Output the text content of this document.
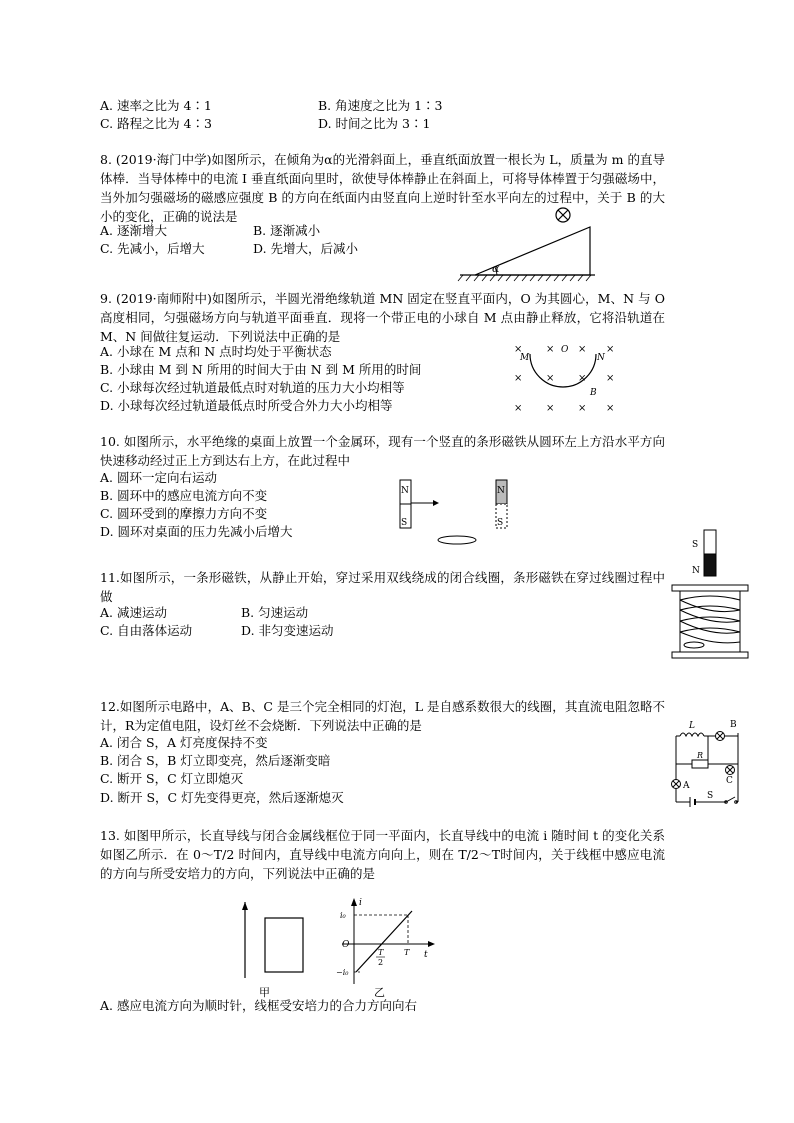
A. 速率之比为 4∶1	B. 角速度之比为 1∶3
C. 路程之比为 4∶3	D. 时间之比为 3∶1
8. (2019·海门中学)如图所示，在倾角为α的光滑斜面上，垂直纸面放置一根长为 L，质量为 m 的直导体棒．当导体棒中的电流 I 垂直纸面向里时，欲使导体棒静止在斜面上，可将导体棒置于匀强磁场中，当外加匀强磁场的磁感应强度 B 的方向在纸面内由竖直向上逆时针至水平向左的过程中，关于 B 的大小的变化，正确的说法是
A. 逐渐增大	B. 逐渐减小
C. 先减小，后增大	D. 先增大，后减小
α
9. (2019·南师附中)如图所示，半圆光滑绝缘轨道 MN 固定在竖直平面内，O 为其圆心，M、N 与 O 高度相同，匀强磁场方向与轨道平面垂直．现将一个带正电的小球自 M 点由静止释放，它将沿轨道在 M、N 间做往复运动．下列说法中正确的是
A. 小球在 M 点和 N 点时均处于平衡状态
B. 小球由 M 到 N 所用的时间大于由 N 到 M 所用的时间
C. 小球每次经过轨道最低点时对轨道的压力大小均相等
D. 小球每次经过轨道最低点时所受合外力大小均相等
× × × ×
× × × ×
× × × ×
M
O
N
B
10. 如图所示，水平绝缘的桌面上放置一个金属环，现有一个竖直的条形磁铁从圆环左上方沿水平方向快速移动经过正上方到达右上方，在此过程中
A. 圆环一定向右运动
B. 圆环中的感应电流方向不变
C. 圆环受到的摩擦力方向不变
D. 圆环对桌面的压力先减小后增大
N
S
N
S
11.如图所示，一条形磁铁，从静止开始，穿过采用双线绕成的闭合线圈，条形磁铁在穿过线圈过程中做
A. 减速运动	B. 匀速运动
C. 自由落体运动	D. 非匀变速运动
S
N
12.如图所示电路中，A、B、C 是三个完全相同的灯泡，L 是自感系数很大的线圈，其直流电阻忽略不计，R为定值电阻，设灯丝不会烧断．下列说法中正确的是
A. 闭合 S，A 灯亮度保持不变
B. 闭合 S，B 灯立即变亮，然后逐渐变暗
C. 断开 S，C 灯立即熄灭
D. 断开 S，C 灯先变得更亮，然后逐渐熄灭
L
R
B
C
A
S
13. 如图甲所示，长直导线与闭合金属线框位于同一平面内，长直导线中的电流 i 随时间 t 的变化关系如图乙所示．在 0～T/2 时间内，直导线中电流方向向上，则在 T/2～T时间内，关于线框中感应电流的方向与所受安培力的方向，下列说法中正确的是
甲
i
t
i₀
−i₀
O
T
2
T
乙
A. 感应电流方向为顺时针，线框受安培力的合力方向向右
